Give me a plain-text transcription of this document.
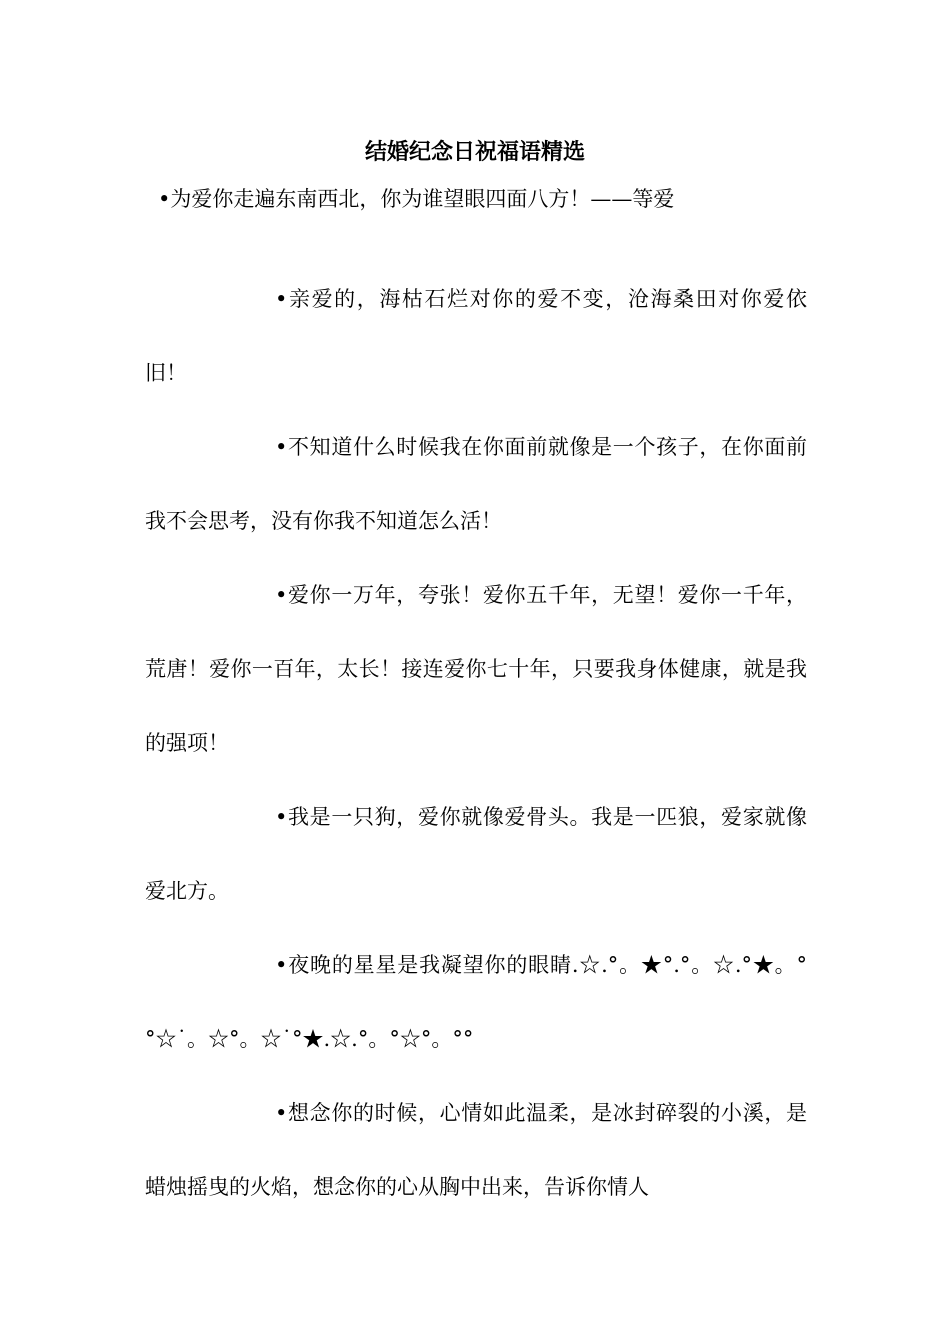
结婚纪念日祝福语精选
•为爱你走遍东南西北，你为谁望眼四面八方！——等爱

•亲爱的，海枯石烂对你的爱不变，沧海桑田对你爱依旧！

•不知道什么时候我在你面前就像是一个孩子，在你面前我不会思考，没有你我不知道怎么活！

•爱你一万年，夸张！爱你五千年，无望！爱你一千年，荒唐！爱你一百年，太长！接连爱你七十年，只要我身体健康，就是我的强项！

•我是一只狗，爱你就像爱骨头。我是一匹狼，爱家就像爱北方。

•夜晚的星星是我凝望你的眼睛.☆.°。★°.°。☆.°★。°°☆˙。☆°。☆˙°★.☆.°。°☆°。°°

•想念你的时候，心情如此温柔，是冰封碎裂的小溪，是蜡烛摇曳的火焰，想念你的心从胸中出来，告诉你情人
